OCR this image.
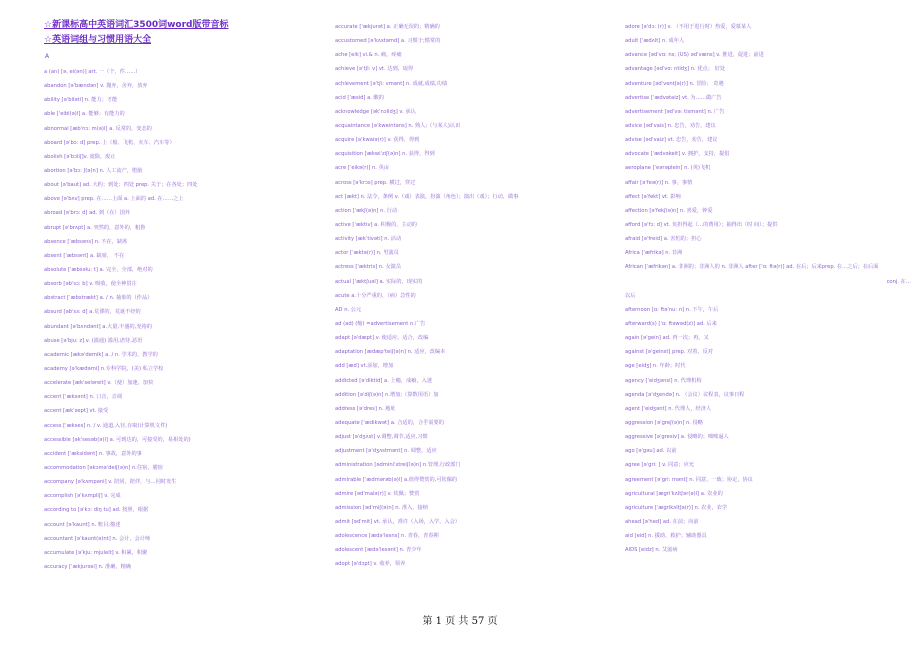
☆新课标高中英语词汇3500词word版带音标
☆英语词组与习惯用语大全
A
a (an) [ə, ei(ən)] art. 一（个、件……）
abandon [əˈbændən] v. 抛弃，舍弃，放弃
ability [əˈbiləti] n. 能力；才能
able [ˈeibl(ə)l] a. 能够；有能力的
abnormal [æbˈnɔ: m(ə)l] a. 反常的，变态的
aboard [əˈbɔ: d] prep. 上（船、飞机、火车、汽车等）
abolish [əˈbɔliʃ]v. 废除，废止
abortion [əˈbɔ: ʃ(ə)n] n. 人工流产，堕胎
about [əˈbaut] ad. 大约；到处；四处 prep. 关于；在各处；四处
above [əˈbʌv] prep. 在……上面 a. 上面的 ad. 在……之上
abroad [əˈbrɔ: d] ad. 到（在）国外
abrupt [əˈbrʌpt] a. 突然的，意外的，粗鲁
absence [ˈæbsəns] n. 不在，缺席
absent [ˈæbsənt] a. 缺席， 不在
absolute [ˈæbsəlu: t] a. 完全，全部，绝对的
absorb [əbˈsɔ: b] v. 吸收，使全神贯注
abstract [ˈæbstrækt] a. / n. 抽象的（作品）
absurd [əbˈsɜ: d] a.荒谬的，荒诞不经的
abundant [əˈbʌndənt] a.大量,丰盛的,充裕的
abuse [əˈbju: z] v. (滥通) 滥用,虐待,恶语
academic [ækəˈdemik] a. / n. 学术的，教学的
academy [əˈkædəmi] n.专科学院，(美) 私立学校
accelerate [ækˈseləreit] v.（使）加速，加快
accent [ˈæksənt] n. 口音，音调
accent [ækˈsept] vt. 接受
access [ˈækses] n. / v. 通道,入径,存取(计算机文件)
accessible [əkˈsesəb(ə)l] a. 可到达的，可接受的，易相处的)
accident [ˈæksidənt] n. 事故，意外的事
accommodation [əkɔməˈdeiʃ(ə)n] n.住宿，膳宿
accompany [əˈkʌmpəni] v. 陪同，陪伴，与…同时发生
accomplish [əˈkʌmpliʃ] v. 完成
according to [əˈkɔ: diŋ tu] ad. 按照，根据
account [əˈkaunt] n. 账目;描述
accountant [əˈkaunt(ə)nt] n. 会计，会计师
accumulate [əˈkju: mjuleit] v. 积累，积聚
accuracy [ˈækjurəsi] n. 准确，精确
accurate [ˈækjurət] a. 正确无误的；精确的
accustomed [əˈkʌstəmd] a. 习惯于;惯常的
ache [eik] vi.& n. 痛，疼痛
achieve [əˈtʃi: v] vt. 达到，取得
achievement [əˈtʃi: vmənt] n. 成就,成绩,功绩
acid [ˈæsid] a. 酸的
acknowledge [əkˈnɔlidʒ] v. 承认
acquaintance [əˈkweintəns] n. 熟人;（与某人)认识
acquire [əˈkwaiə(r)] v. 获得，得到
acquisition [ækwiˈziʃ(ə)n] n. 获得，得到
acre [ˈeikə(r)] n. 英亩
across [əˈkrɔs] prep. 横过，穿过
act [ækt] n. 法令，条例 v.（戏）表演，扮演（角色）；演出（戏）；行动，做事
action [ˈækʃ(ə)n] n. 行动
active [ˈæktiv] a. 积极的，主动的
activity [ækˈtivəti] n. 活动
actor [ˈæktə(r)] n. 男演员
actress [ˈæktris] n. 女演员
actual [ˈæktʃuəl] a. 实际的，现实的
acute a.十分严重的，（病）急性的
AD n. 公元
ad (ad) (缩) =advertisement n.广告
adapt [əˈdæpt] v. 使适应，适合，改编
adaptation [ædæpˈteiʃ(ə)n] n. 适应，改编本
add [æd] vt.添加，增加
addicted [əˈdiktid] a. 上瘾，成癖，入迷
addition [əˈdiʃ(ə)n] n.增加;（算数用语）加
address [əˈdres] n. 地址
adequate [ˈædikwət] a. 合适的，合乎需要的
adjust [əˈdʒʌst] v.调整,调节,适应,习惯
adjustment [əˈdʒʌstmənt] n. 调整，适应
administration [ədminiˈstreiʃ(ə)n] n.管理,行政部门
admirable [ˈædmərəb(ə)l] a.值得赞赏的,可钦佩的
admire [ədˈmaiə(r)] v. 钦佩；赞赏
admission [ədˈmiʃ(ə)n] n. 准入，接纳
admit [ədˈmit] vt. 承认，准许（入场，入学，入会）
adolescence [ædəˈlesns] n. 青春，青春期
adolescent [ædəˈlesənt] n. 青少年
adopt [əˈdɔpt] v. 收养，领养
adore [əˈdɔ: (r)] v. （不用于进行时）热爱，爱慕某人
adult [ˈædʌlt] n. 成年人
advance [ədˈvɑ: ns; (US) ədˈvæns] v. 推进，促进；前进
advantage [ədˈvɑ: ntidʒ] n. 优点； 好处
adventure [ədˈventʃə(r)] n. 冒险； 奇遇
advertise [ˈædvətaiz] vt. 为……做广告
advertisement [ədˈvə: tismənt] n. 广告
advice [ədˈvais] n. 忠告，劝告，建议
advise [ədˈvaiz] vt. 忠告，劝告，建议
advocate [ˈædvəkeit] v. 拥护，支持，提倡
aeroplane [ˈeərəplein] n. (英)飞机
affair [əˈfeə(r)] n. 事，事情
affect [əˈfekt] vt. 影响
affection [əˈfekʃ(ə)n] n. 喜爱，钟爱
afford [əˈfɔ: d] vt. 负担得起（…的费用）；抽得出（时 间）；提供
afraid [əˈfreid] a. 害怕的；担心
Africa [ˈæfrikə] n. 非洲
African [ˈæfrikən] a. 非洲的；非洲人的 n. 非洲人 after [ˈɑ: ftə(r)] ad. 在后；后来prep. 在…之后；在后面
conj. 在…
以后
afternoon [ɑ: ftəˈnu: n] n. 下午，午后
afterward(s) [ˈɑ: ftəwəd(z)] ad. 后来
again [əˈgein] ad. 再一次；再，又
against [əˈgeinst] prep. 对着，反对
age [eidʒ] n. 年龄；时代
agency [ˈeidʒənsi] n. 代理机构
agenda [əˈdʒendə] n. （会议）议程表，议事日程
agent [ˈeidʒənt] n. 代理人，经济人
aggression [əˈgreʃ(ə)n] n. 侵略
aggressive [əˈgresiv] a. 侵略的；咄咄逼人
ago [əˈgəu] ad. 以前
agree [əˈgri: ] v. 同意；应允
agreement [əˈgri: mənt] n. 同意，一致；协定，协议
agricultural [ægriˈkʌltʃər(ə)l] a. 农业的
agriculture [ˈægrikʌltʃə(r)] n. 农业，农学
ahead [əˈhed] ad. 在前；向前
aid [eid] n. 援助，救护；辅助器具
AIDS [eidz] n. 艾滋病
第 1 页 共 57 页
